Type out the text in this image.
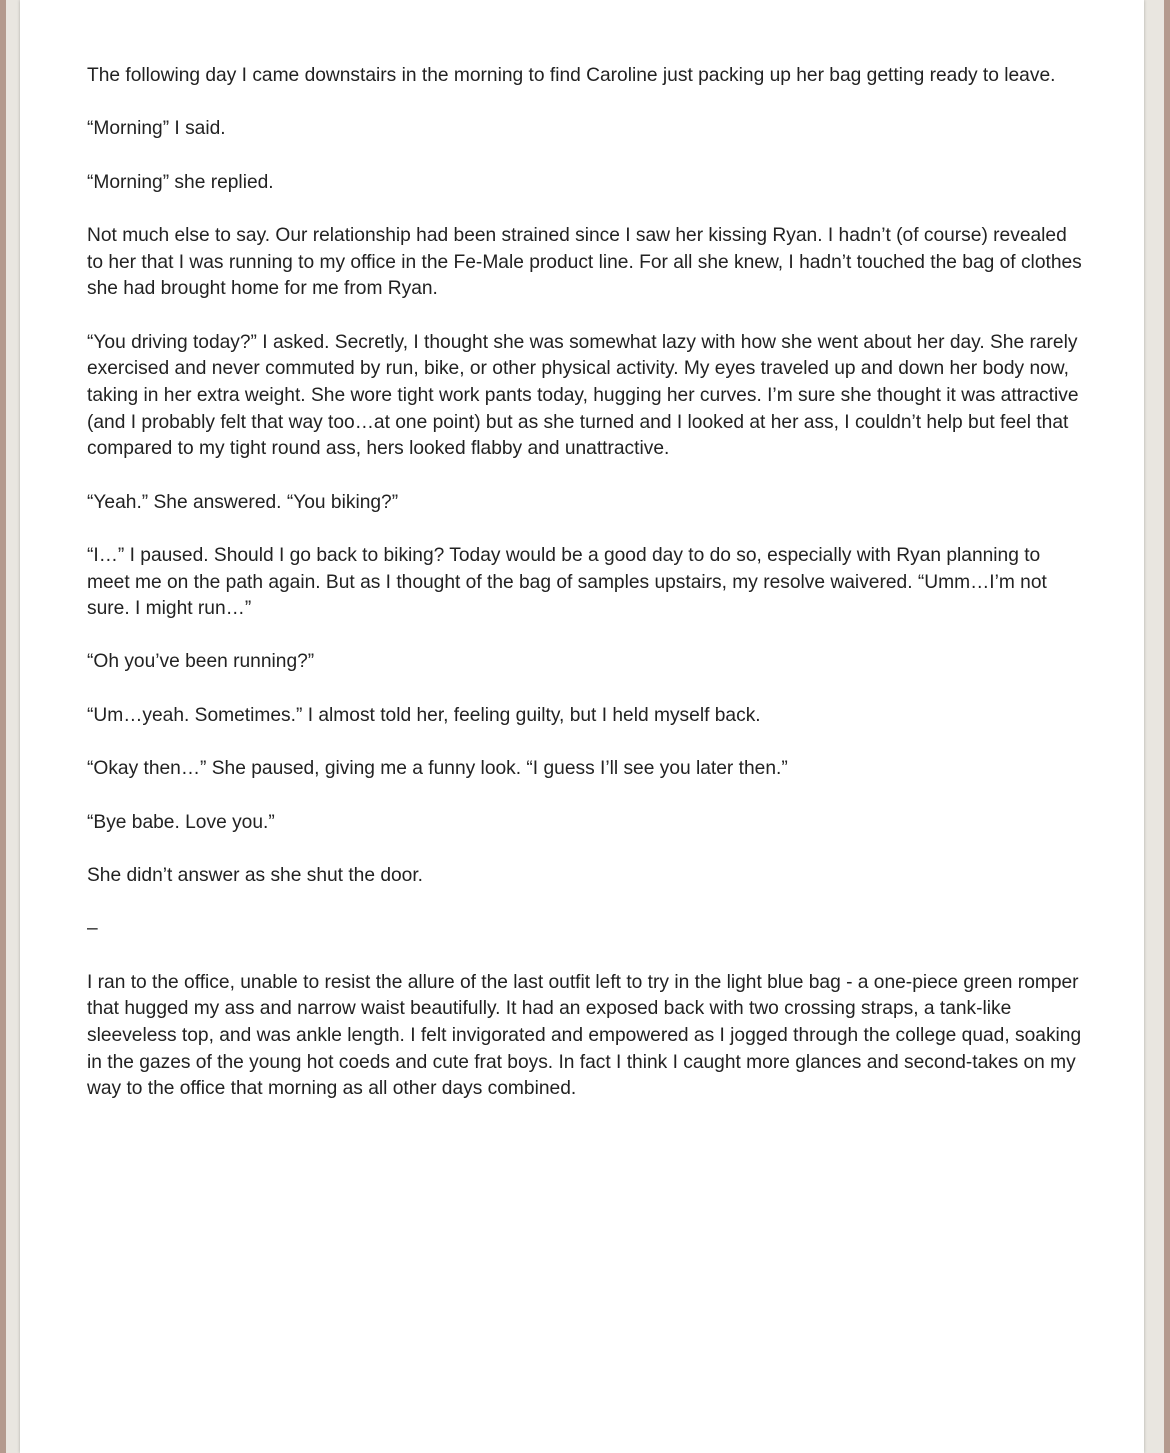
The following day I came downstairs in the morning to find Caroline just packing up her bag getting ready to leave.

“Morning” I said.

“Morning” she replied.

Not much else to say. Our relationship had been strained since I saw her kissing Ryan. I hadn’t (of course) revealed to her that I was running to my office in the Fe-Male product line. For all she knew, I hadn’t touched the bag of clothes she had brought home for me from Ryan.

“You driving today?” I asked. Secretly, I thought she was somewhat lazy with how she went about her day. She rarely exercised and never commuted by run, bike, or other physical activity. My eyes traveled up and down her body now, taking in her extra weight. She wore tight work pants today, hugging her curves. I’m sure she thought it was attractive (and I probably felt that way too…at one point) but as she turned and I looked at her ass, I couldn’t help but feel that compared to my tight round ass, hers looked flabby and unattractive.

“Yeah.” She answered. “You biking?”

“I…” I paused. Should I go back to biking? Today would be a good day to do so, especially with Ryan planning to meet me on the path again. But as I thought of the bag of samples upstairs, my resolve waivered. “Umm…I’m not sure. I might run…”

“Oh you’ve been running?”

“Um…yeah. Sometimes.” I almost told her, feeling guilty, but I held myself back.

“Okay then…” She paused, giving me a funny look. “I guess I’ll see you later then.”

“Bye babe. Love you.”

She didn’t answer as she shut the door.

–

I ran to the office, unable to resist the allure of the last outfit left to try in the light blue bag - a one-piece green romper that hugged my ass and narrow waist beautifully. It had an exposed back with two crossing straps, a tank-like sleeveless top, and was ankle length. I felt invigorated and empowered as I jogged through the college quad, soaking in the gazes of the young hot coeds and cute frat boys. In fact I think I caught more glances and second-takes on my way to the office that morning as all other days combined.
